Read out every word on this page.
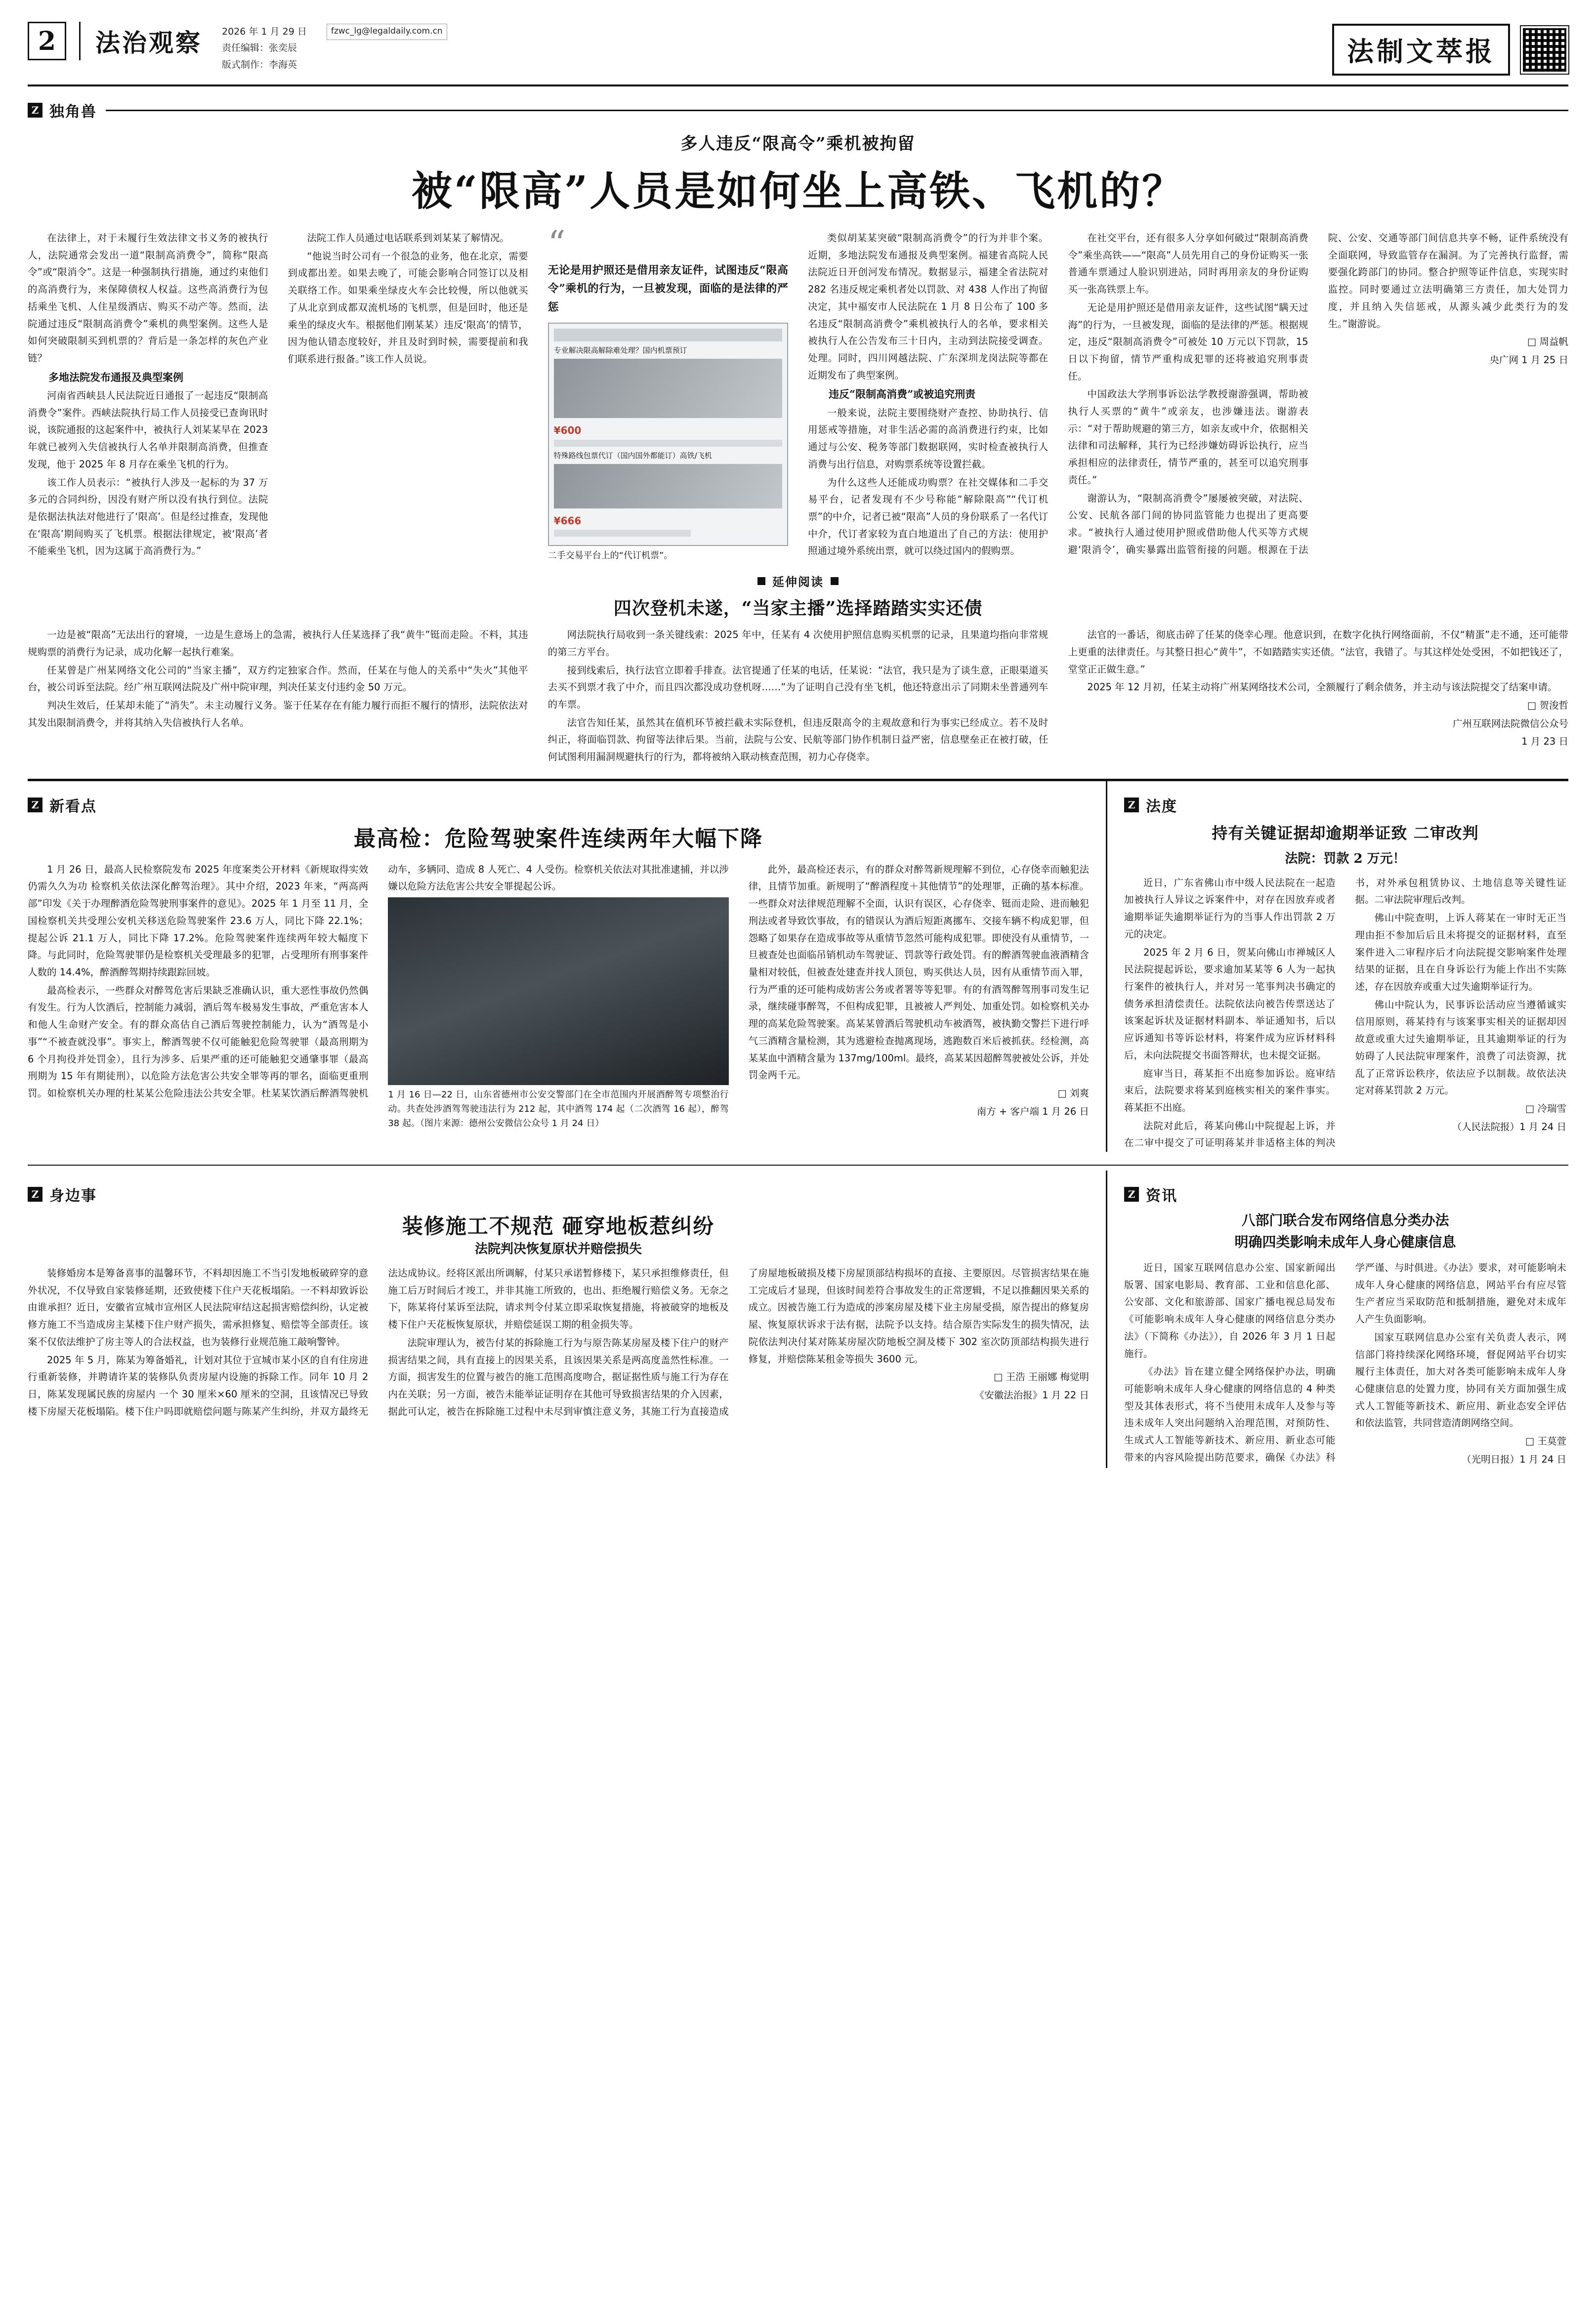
2	法治观察 2026 年 1 月 29 日	fzwc_lg@legaldaily.com.cn
责任编辑：张奕辰
版式制作：李海英	法制文萃报
Z 独角兽
多人违反“限高令”乘机被拘留
被“限高”人员是如何坐上高铁、飞机的？

在法律上，对于未履行生效法律文书义务的被执行人，法院通常会发出一道“限制高消费令”，简称“限高令”或“限消令”。这是一种强制执行措施，通过约束他们的高消费行为，来保障债权人权益。这些高消费行为包括乘坐飞机、人住星级酒店、购买不动产等。然而，法院通过违反“限制高消费令”乘机的典型案例。这些人是如何突破限制买到机票的？背后是一条怎样的灰色产业链？

多地法院发布通报及典型案例

河南省西峡县人民法院近日通报了一起违反“限制高消费令”案件。西峡法院执行局工作人员接受已查询讯时说，该院通报的这起案件中，被执行人刘某某早在 2023 年就已被列入失信被执行人名单并限制高消费，但推查发现，他于 2025 年 8 月存在乘坐飞机的行为。

该工作人员表示：“被执行人涉及一起标的为 37 万多元的合同纠纷，因没有财产所以没有执行到位。法院是依据法执法对他进行了‘限高’。但是经过推查，发现他在‘限高’期间购买了飞机票。根据法律规定，被‘限高’者不能乘坐飞机，因为这属于高消费行为。”

法院工作人员通过电话联系到刘某某了解情况。

“他说当时公司有一个很急的业务，他在北京，需要到成都出差。如果去晚了，可能会影响合同签订以及相关联络工作。如果乘坐绿皮火车会比较慢，所以他就买了从北京到成都双流机场的飞机票，但是回时，他还是乘坐的绿皮火车。根据他们刚某某）违反‘限高’的情节，因为他认错态度较好，并且及时到时候，需要提前和我们联系进行报备。”该工作人员说。

“
无论是用护照还是借用亲友证件，试图违反“限高令”乘机的行为，一旦被发现，面临的是法律的严惩
专业解决限高解除难处理？国内机票预订
¥600
特殊路线包票代订（国内国外都能订）高铁/飞机
¥666
二手交易平台上的“代订机票”。

类似胡某某突破“限制高消费令”的行为并非个案。近期，多地法院发布通报及典型案例。福建省高院人民法院近日开创河发布情况。数据显示，福建全省法院对 282 名违反规定乘机者处以罚款、对 438 人作出了拘留决定，其中福安市人民法院在 1 月 8 日公布了 100 多名违反“限制高消费令”乘机被执行人的名单，要求相关被执行人在公告发布三十日内，主动到法院接受调查。处理。同时，四川网越法院、广东深圳龙岗法院等都在近期发布了典型案例。

违反“限制高消费”或被追究刑责

一般来说，法院主要围绕财产查控、协助执行、信用惩戒等措施，对非生活必需的高消费进行约束，比如通过与公安、税务等部门数据联网，实时检查被执行人消费与出行信息，对购票系统等设置拦截。

为什么这些人还能成功购票？在社交媒体和二手交易平台，记者发现有不少号称能“解除限高”“代订机票”的中介，记者已被“限高”人员的身份联系了一名代订中介，代订者家较为直白地道出了自己的方法：使用护照通过境外系统出票，就可以绕过国内的假购票。

在社交平台，还有很多人分享如何破过“限制高消费令”乘坐高铁——“限高”人员先用自己的身份证购买一张普通车票通过人脸识别进站，同时再用亲友的身份证购买一张高铁票上车。

无论是用护照还是借用亲友证件，这些试图“瞒天过海”的行为，一旦被发现，面临的是法律的严惩。根据规定，违反“限制高消费令”可被处 10 万元以下罚款，15 日以下拘留，情节严重构成犯罪的还将被追究刑事责任。

中国政法大学刑事诉讼法学教授谢游强调，帮助被执行人买票的“黄牛”或亲友，也涉嫌违法。谢游表示：“对于帮助规避的第三方，如亲友或中介，依据相关法律和司法解释，其行为已经涉嫌妨碍诉讼执行，应当承担相应的法律责任，情节严重的，甚至可以追究刑事责任。”

谢游认为，“限制高消费令”屡屡被突破，对法院、公安、民航各部门间的协同监管能力也提出了更高要求。“被执行人通过使用护照或借助他人代买等方式规避‘限消令’，确实暴露出监管衔接的问题。根源在于法院、公安、交通等部门间信息共享不畅，证件系统没有全面联网，导致监管存在漏洞。为了完善执行监督，需要强化跨部门的协同。整合护照等证件信息，实现实时监控。同时要通过立法明确第三方责任，加大处罚力度，并且纳入失信惩戒，从源头减少此类行为的发生。”谢游说。

□ 周益帆

央广网 1 月 25 日

延伸阅读
四次登机未遂，“当家主播”选择踏踏实实还债

一边是被“限高”无法出行的窘境，一边是生意场上的急需，被执行人任某选择了我“黄牛”铤而走险。不料，其违规购票的消费行为记录，成功化解一起执行难案。

任某曾是广州某网络文化公司的“当家主播”，双方约定独家合作。然而，任某在与他人的关系中“失火”其他平台，被公司诉至法院。经广州互联网法院及广州中院审理，判决任某支付违约金 50 万元。

判决生效后，任某却未能了“消失”。未主动履行义务。鉴于任某存在有能力履行而拒不履行的情形，法院依法对其发出限制消费令，并将其纳入失信被执行人名单。

网法院执行局收到一条关键线索：2025 年中，任某有 4 次使用护照信息购买机票的记录，且果道均指向非常规的第三方平台。

接到线索后，执行法官立即着手排查。法官提通了任某的电话，任某说：“法官，我只是为了谈生意，正眼渠道买去买不到票才我了中介，而且四次都没成功登机呀……”为了证明自己没有坐飞机，他还特意出示了同期未坐普通列车的车票。

法官告知任某，虽然其在值机环节被拦截未实际登机，但违反限高令的主观故意和行为事实已经成立。若不及时纠正，将面临罚款、拘留等法律后果。当前，法院与公安、民航等部门协作机制日益严密，信息壁垒正在被打破，任何试图利用漏洞规避执行的行为，都将被纳入联动核查范围，初力心存侥幸。

法官的一番话，彻底击碎了任某的侥幸心理。他意识到，在数字化执行网络面前，不仅“精蛋”走不通，还可能带上更重的法律责任。与其整日担心“黄牛”，不如踏踏实实还债。“法官，我错了。与其这样处处受困，不如把钱还了，堂堂正正做生意。”

2025 年 12 月初，任某主动将广州某网络技术公司，全额履行了剩余债务，并主动与该法院提交了结案申请。

□ 贺浚哲

广州互联网法院微信公众号

1 月 23 日

Z 新看点
最高检：危险驾驶案件连续两年大幅下降

1 月 26 日，最高人民检察院发布 2025 年度案类公开材料《新规取得实效 仍需久久为功 检察机关依法深化醉驾治理》。其中介绍，2023 年来，“两高两部”印发《关于办理醉酒危险驾驶刑事案件的意见》。2025 年 1 月至 11 月，全国检察机关共受理公安机关移送危险驾驶案件 23.6 万人，同比下降 22.1%；提起公诉 21.1 万人，同比下降 17.2%。危险驾驶案件连续两年较大幅度下降。与此同时，危险驾驶罪仍是检察机关受理最多的犯罪，占受理所有刑事案件人数的 14.4%，醉酒醉驾期持续跟踪回坡。

最高检表示，一些群众对醉驾危害后果缺乏准确认识，重大恶性事故仍然偶有发生。行为人饮酒后，控制能力减弱，酒后驾车极易发生事故，严重危害本人和他人生命财产安全。有的群众高估自己酒后驾驶控制能力，认为“酒驾是小事”“不被查就没事”。事实上，醉酒驾驶不仅可能触犯危险驾驶罪（最高刑期为 6 个月拘役并处罚金），且行为涉多、后果严重的还可能触犯交通肇事罪（最高刑期为 15 年有期徒刑），以危险方法危害公共安全罪等再的罪名，面临更重刑罚。如检察机关办理的杜某某公危险违法公共安全罪。杜某某饮酒后醉酒驾驶机动车，多辆同、造成 8 人死亡、4 人受伤。检察机关依法对其批准逮捕，并以涉嫌以危险方法危害公共安全罪提起公诉。

1 月 16 日—22 日，山东省德州市公安交警部门在全市范围内开展酒醉驾专项整治行动。共查处涉酒驾驾驶违法行为 212 起，其中酒驾 174 起（二次酒驾 16 起），醉驾 38 起。（图片来源：德州公安微信公众号 1 月 24 日）

此外，最高检还表示，有的群众对醉驾新规理解不到位，心存侥幸而触犯法律，且情节加重。新规明了“醉酒程度＋其他情节”的处理罪，正确的基本标准。一些群众对法律规范理解不全面，认识有误区，心存侥幸、铤而走险、进而触犯刑法或者导致饮事故，有的错误认为酒后短距离挪车、交接车辆不构成犯罪，但怨略了如果存在造成事故等从重情节忽然可能构成犯罪。即使没有从重情节，一旦被查处也面临吊销机动车驾驶证、罚款等行政处罚。有的醉酒驾驶血液酒精含量相对较低，但被查处建查并找人顶包，购买供达人员，因有从重情节而入罪，行为严重的还可能构成妨害公务或者署等等犯罪。有的有酒驾醉驾刑事司发生记录，继续碰事醉驾，不但构成犯罪，且被被人严判处、加重处罚。如检察机关办理的高某危险驾驶案。高某某曾酒后驾驶机动车被酒驾，被执勤交警拦下进行呼气三酒精含量检测，其为逃避检查抛离现场，逃跑数百米后被抓获。经检测，高某某血中酒精含量为 137mg/100ml。最终，高某某因超醉驾驶被处公诉，并处罚金两千元。

□ 刘爽

南方 + 客户端 1 月 26 日

Z 法度
持有关键证据却逾期举证致 二审改判
法院：罚款 2 万元！

近日，广东省佛山市中级人民法院在一起造加被执行人异议之诉案件中，对存在因放弃或者逾期举证失逾期举证行为的当事人作出罚款 2 万元的决定。

2025 年 2 月 6 日，贺某向佛山市禅城区人民法院提起诉讼，要求逾加某某等 6 人为一起执行案件的被执行人，并对另一笔事判决书确定的债务承担清偿责任。法院依法向被告传票送达了该案起诉状及证据材料副本、举证通知书，后以应诉通知书等诉讼材料，将案件成为应诉材料科后，未向法院提交书面答辩状，也未提交证据。

庭审当日，蒋某拒不出庭参加诉讼。庭审结束后，法院要求将某到庭核实相关的案件事实。蒋某拒不出庭。

法院对此后，蒋某向佛山中院提起上诉，并在二审中提交了可证明蒋某并非适格主体的判决书，对外承包租赁协议、土地信息等关键性证据。二审法院审理后改判。

佛山中院查明，上诉人蒋某在一审时无正当理由拒不参加后后且未将提交的证据材料，直至案件进入二审程序后才向法院提交影响案件处理结果的证据，且在自身诉讼行为能上作出不实陈述，存在因放弃或重大过失逾期举证行为。

佛山中院认为，民事诉讼活动应当遵循诚实信用原则，蒋某持有与该案事实相关的证据却因故意或重大过失逾期举证，且其逾期举证的行为妨碍了人民法院审理案件，浪费了司法资源，扰乱了正常诉讼秩序，依法应予以制裁。故依法决定对蒋某罚款 2 万元。

□ 冷瑞雪

（人民法院报）1 月 24 日

Z 身边事
装修施工不规范 砸穿地板惹纠纷
法院判决恢复原状并赔偿损失

装修婚房本是筹备喜事的温馨环节，不料却因施工不当引发地板破碎穿的意外状况，不仅导致自家装修延期，还致使楼下住户天花板塌陷。一不料却致诉讼由谁承担？近日，安徽省宣城市宣州区人民法院审结这起损害赔偿纠纷，认定被修方施工不当造成房主某楼下住户财产损失，需承担修复、赔偿等全部责任。该案不仅依法维护了房主等人的合法权益，也为装修行业规范施工敲响警钟。

2025 年 5 月，陈某为筹备婚礼，计划对其位于宣城市某小区的自有住房进行重新装修，并聘请许某的装修队负责房屋内设施的拆除工作。同年 10 月 2 日，陈某发现属民族的房屋内 一个 30 厘米×60 厘米的空洞，且该情况已导致楼下房屋天花板塌陷。楼下住户吗即就赔偿问题与陈某产生纠纷，并双方最终无法达成协议。经将区派出所调解，付某只承诺暂修楼下，某只承担维修责任，但施工后万时间后才竣工，并非其施工所致的，也出、拒绝履行赔偿义务。无奈之下，陈某将付某诉至法院，请求判令付某立即采取恢复措施，将被破穿的地板及楼下住户天花板恢复原状，并赔偿延误工期的租金损失等。

法院审理认为，被告付某的拆除施工行为与原告陈某房屋及楼下住户的财产损害结果之间，具有直接上的因果关系，且该因果关系是两高度盖然性标准。一方面，损害发生的位置与被告的施工范围高度吻合，据证据性质与施工行为存在内在关联；另一方面，被告未能举证证明存在其他可导致损害结果的介入因素，据此可认定，被告在拆除施工过程中未尽到审慎注意义务，其施工行为直接造成了房屋地板破损及楼下房屋顶部结构损坏的直接、主要原因。尽管损害结果在施工完成后才显现，但该时间差符合事故发生的正常逻辑，不足以推翻因果关系的成立。因被告施工行为造成的涉案房屋及楼下业主房屋受损，原告提出的修复房屋、恢复原状诉求于法有据，法院予以支持。结合原告实际发生的损失情况，法院依法判决付某对陈某房屋次防地板空洞及楼下 302 室次防顶部结构损失进行修复，并赔偿陈某租金等损失 3600 元。

□ 王浩 王丽娜 梅觉明

《安徽法治报》1 月 22 日

Z 资讯
八部门联合发布网络信息分类办法
明确四类影响未成年人身心健康信息

近日，国家互联网信息办公室、国家新闻出版署、国家电影局、教育部、工业和信息化部、公安部、文化和旅游部、国家广播电视总局发布《可能影响未成年人身心健康的网络信息分类办法》（下简称《办法》），自 2026 年 3 月 1 日起施行。

《办法》旨在建立健全网络保护办法，明确可能影响未成年人身心健康的网络信息的 4 种类型及其体表形式，将不当使用未成年人及参与等违未成年人突出问题纳入治理范围，对预防性、生成式人工智能等新技术、新应用、新业态可能带来的内容风险提出防范要求，确保《办法》科学严谨、与时俱进。《办法》要求，对可能影响未成年人身心健康的网络信息，网站平台有应尽管生产者应当采取防范和抵制措施，避免对未成年人产生负面影响。

国家互联网信息办公室有关负责人表示，网信部门将持续深化网络环境，督促网站平台切实履行主体责任，加大对各类可能影响未成年人身心健康信息的处置力度，协同有关方面加强生成式人工智能等新技术、新应用、新业态安全评估和依法监管，共同营造清朗网络空间。

□ 王莫萱

（光明日报）1 月 24 日
